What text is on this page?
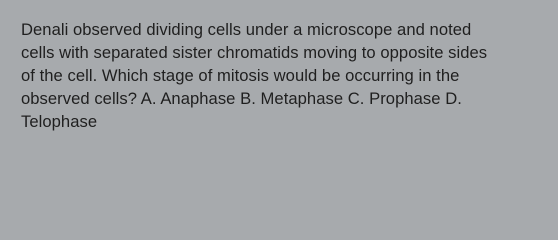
Denali observed dividing cells under a microscope and noted
cells with separated sister chromatids moving to opposite sides
of the cell. Which stage of mitosis would be occurring in the
observed cells? A. Anaphase B. Metaphase C. Prophase D.
Telophase
